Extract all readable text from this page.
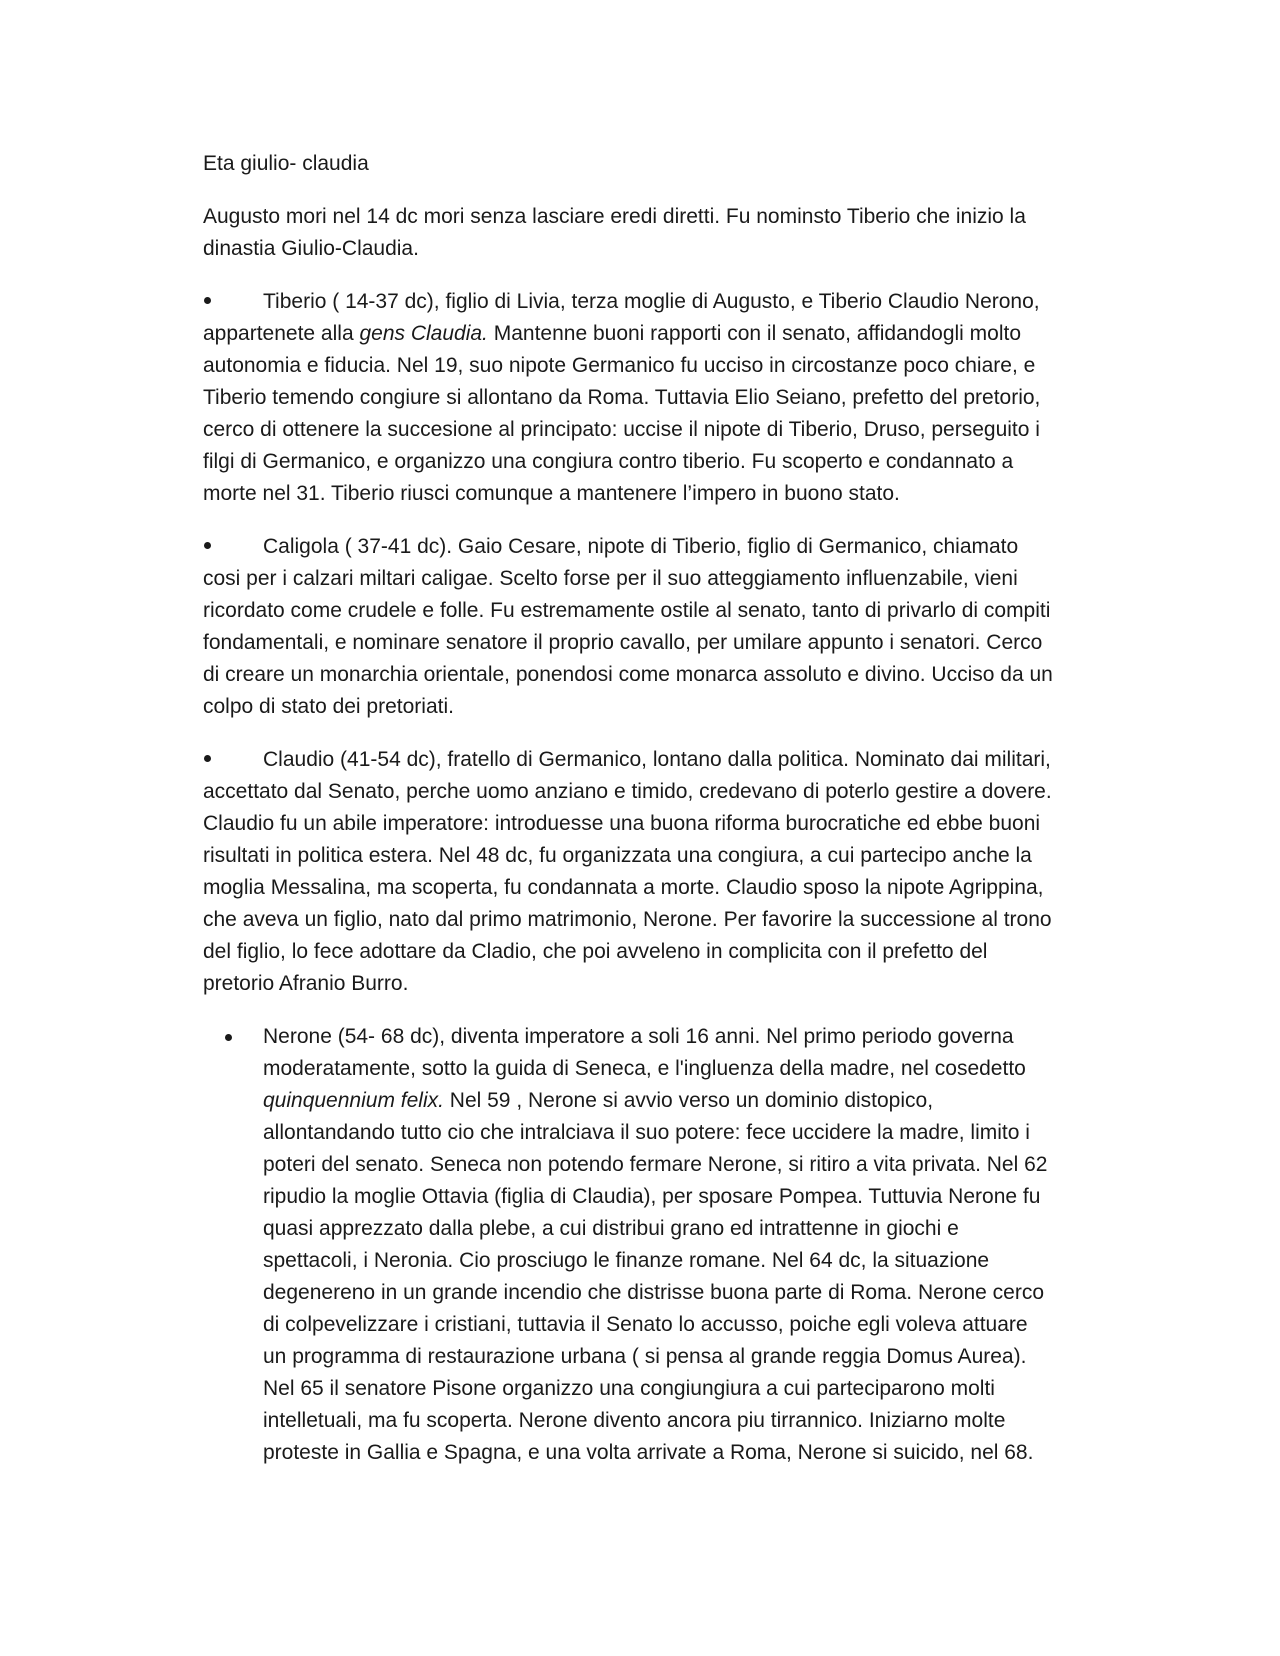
Eta giulio- claudia

Augusto mori nel 14 dc mori senza lasciare eredi diretti. Fu nominsto Tiberio che inizio la dinastia Giulio-Claudia.

Tiberio ( 14-37 dc), figlio di Livia, terza moglie di Augusto, e Tiberio Claudio Nerono, appartenete alla gens Claudia. Mantenne buoni rapporti con il senato, affidandogli molto autonomia e fiducia. Nel 19, suo nipote Germanico fu ucciso in circostanze poco chiare, e Tiberio temendo congiure si allontano da Roma. Tuttavia Elio Seiano, prefetto del pretorio, cerco di ottenere la succesione al principato: uccise il nipote di Tiberio, Druso, perseguito i filgi di Germanico, e organizzo una congiura contro tiberio. Fu scoperto e condannato a morte nel 31. Tiberio riusci comunque a mantenere l’impero in buono stato.

Caligola ( 37-41 dc). Gaio Cesare, nipote di Tiberio, figlio di Germanico, chiamato cosi per i calzari miltari caligae. Scelto forse per il suo atteggiamento influenzabile, vieni ricordato come crudele e folle. Fu estremamente ostile al senato, tanto di privarlo di compiti fondamentali, e nominare senatore il proprio cavallo, per umilare appunto i senatori. Cerco di creare un monarchia orientale, ponendosi come monarca assoluto e divino. Ucciso da un colpo di stato dei pretoriati.

Claudio (41-54 dc), fratello di Germanico, lontano dalla politica. Nominato dai militari, accettato dal Senato, perche uomo anziano e timido, credevano di poterlo gestire a dovere. Claudio fu un abile imperatore: introduesse una buona riforma burocratiche ed ebbe buoni risultati in politica estera. Nel 48 dc, fu organizzata una congiura, a cui partecipo anche la moglia Messalina, ma scoperta, fu condannata a morte. Claudio sposo la nipote Agrippina, che aveva un figlio, nato dal primo matrimonio, Nerone. Per favorire la successione al trono del figlio, lo fece adottare da Cladio, che poi avveleno in complicita con il prefetto del pretorio Afranio Burro.

Nerone (54- 68 dc), diventa imperatore a soli 16 anni. Nel primo periodo governa moderatamente, sotto la guida di Seneca, e l'ingluenza della madre, nel cosedetto quinquennium felix. Nel 59 , Nerone si avvio verso un dominio distopico, allontandando tutto cio che intralciava il suo potere: fece uccidere la madre, limito i poteri del senato. Seneca non potendo fermare Nerone, si ritiro a vita privata. Nel 62 ripudio la moglie Ottavia (figlia di Claudia), per sposare Pompea. Tuttuvia Nerone fu quasi apprezzato dalla plebe, a cui distribui grano ed intrattenne in giochi e spettacoli, i Neronia. Cio prosciugo le finanze romane. Nel 64 dc, la situazione degenereno in un grande incendio che distrisse buona parte di Roma. Nerone cerco di colpevelizzare i cristiani, tuttavia il Senato lo accusso, poiche egli voleva attuare un programma di restaurazione urbana ( si pensa al grande reggia Domus Aurea). Nel 65 il senatore Pisone organizzo una congiungiura a cui parteciparono molti intelletuali, ma fu scoperta. Nerone divento ancora piu tirrannico. Iniziarno molte proteste in Gallia e Spagna, e una volta arrivate a Roma, Nerone si suicido, nel 68.
